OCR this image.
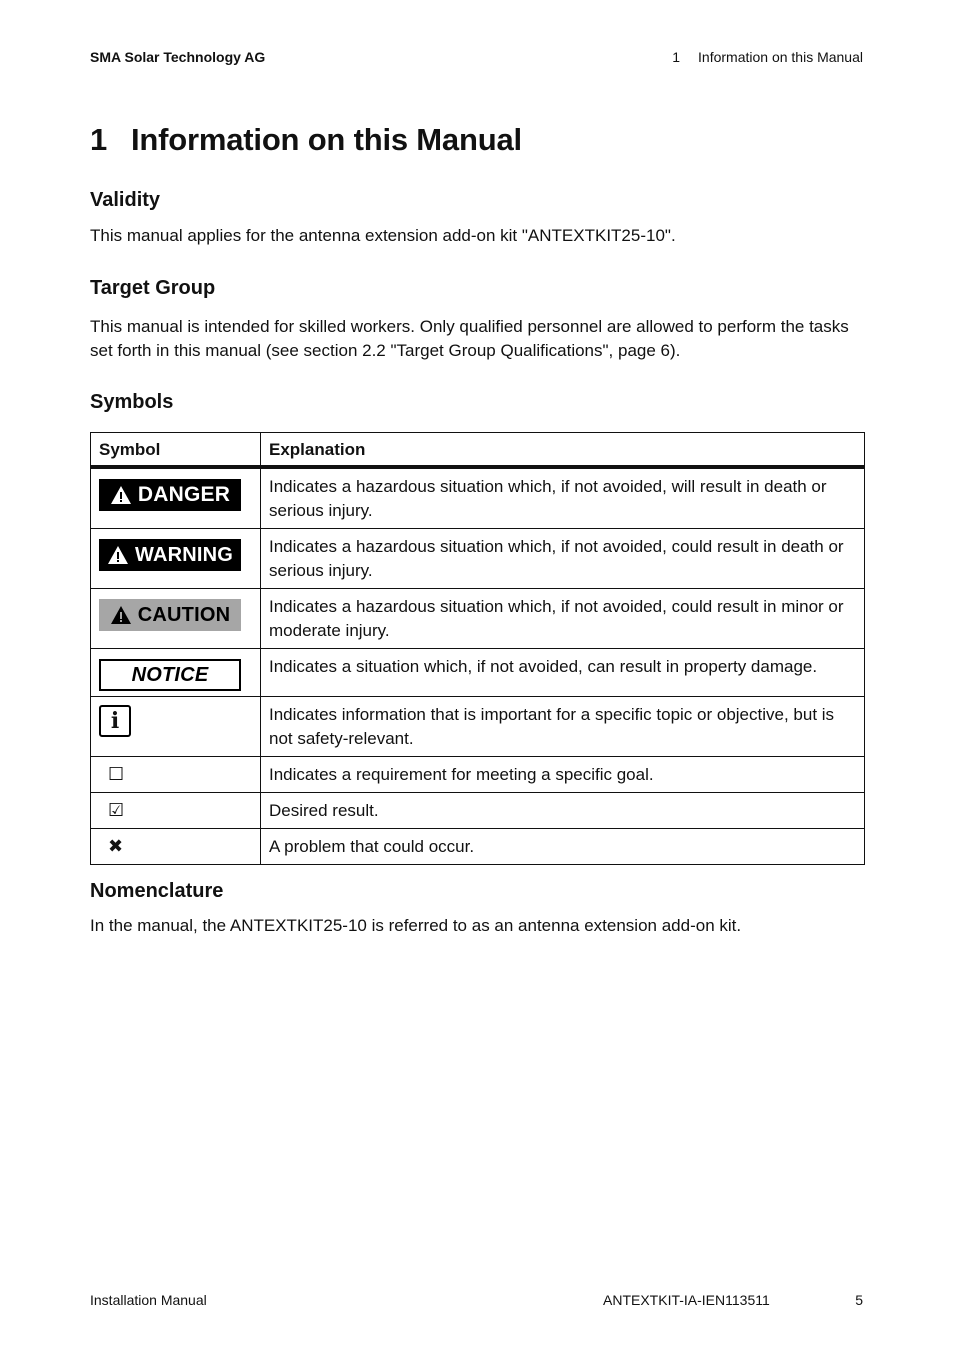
SMA Solar Technology AG	1 Information on this Manual
1 Information on this Manual
Validity

This manual applies for the antenna extension add-on kit "ANTEXTKIT25-10".

Target Group

This manual is intended for skilled workers. Only qualified personnel are allowed to perform the tasks set forth in this manual (see section 2.2 "Target Group Qualifications", page 6).

Symbols
Symbol	Explanation

DANGER	Indicates a hazardous situation which, if not avoided, will result in death or serious injury.

WARNING	Indicates a hazardous situation which, if not avoided, could result in death or serious injury.

CAUTION	Indicates a hazardous situation which, if not avoided, could result in minor or moderate injury.

NOTICE	Indicates a situation which, if not avoided, can result in property damage.

i	Indicates information that is important for a specific topic or objective, but is not safety-relevant.
☐	Indicates a requirement for meeting a specific goal.
☑	Desired result.
✖	A problem that could occur.
Nomenclature

In the manual, the ANTEXTKIT25-10 is referred to as an antenna extension add-on kit.

Installation Manual	ANTEXTKIT-IA-IEN113511	5
